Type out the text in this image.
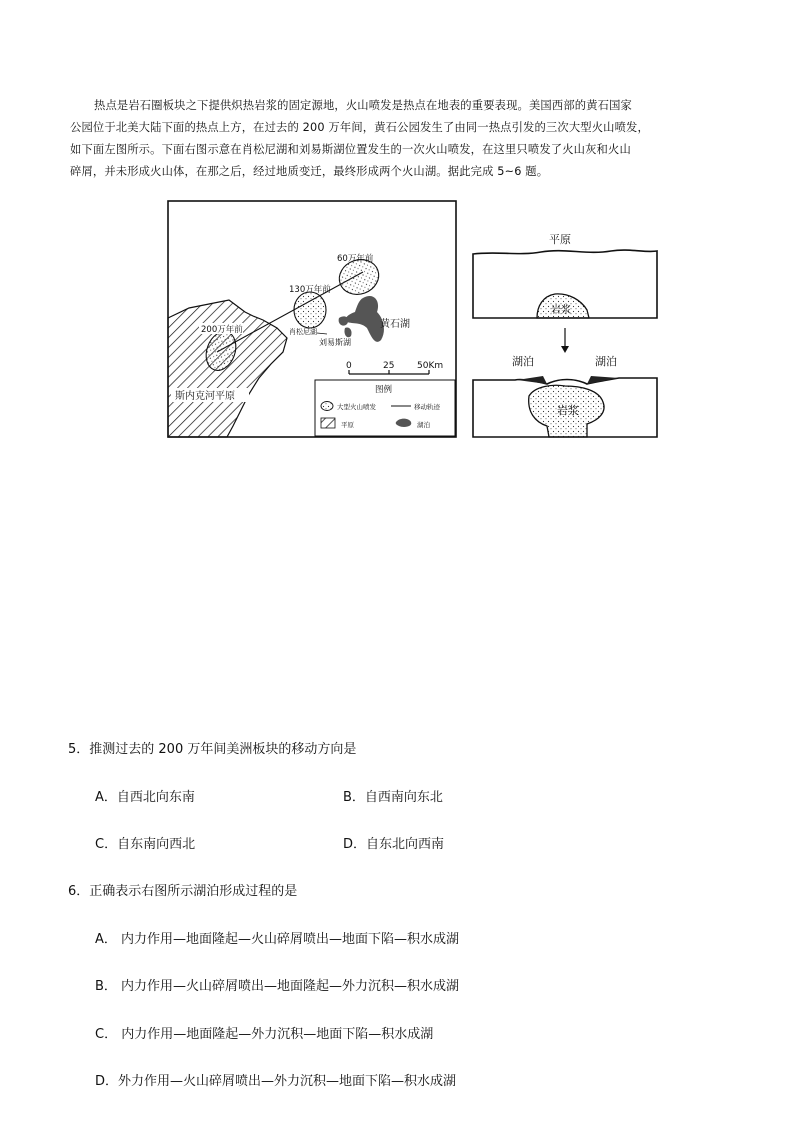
热点是岩石圈板块之下提供炽热岩浆的固定源地，火山喷发是热点在地表的重要表现。美国西部的黄石国家
公园位于北美大陆下面的热点上方，在过去的 200 万年间，黄石公园发生了由同一热点引发的三次大型火山喷发，
如下面左图所示。下面右图示意在肖松尼湖和刘易斯湖位置发生的一次火山喷发，在这里只喷发了火山灰和火山
碎屑，并未形成火山体，在那之后，经过地质变迁，最终形成两个火山湖。据此完成 5~6 题。
斯内克河平原
200万年前
130万年前
60万年前
黄石湖
肖松尼湖
刘易斯湖
0	25	50Km
图例
大型火山喷发	移动轨迹
平原	湖泊
平原
岩浆
湖泊	湖泊
岩浆
5．推测过去的 200 万年间美洲板块的移动方向是
A．自西北向东南	B．自西南向东北
C．自东南向西北	D．自东北向西南
6．正确表示右图所示湖泊形成过程的是
A． 内力作用—地面隆起—火山碎屑喷出—地面下陷—积水成湖
B． 内力作用—火山碎屑喷出—地面隆起—外力沉积—积水成湖
C． 内力作用—地面隆起—外力沉积—地面下陷—积水成湖
D．外力作用—火山碎屑喷出—外力沉积—地面下陷—积水成湖
